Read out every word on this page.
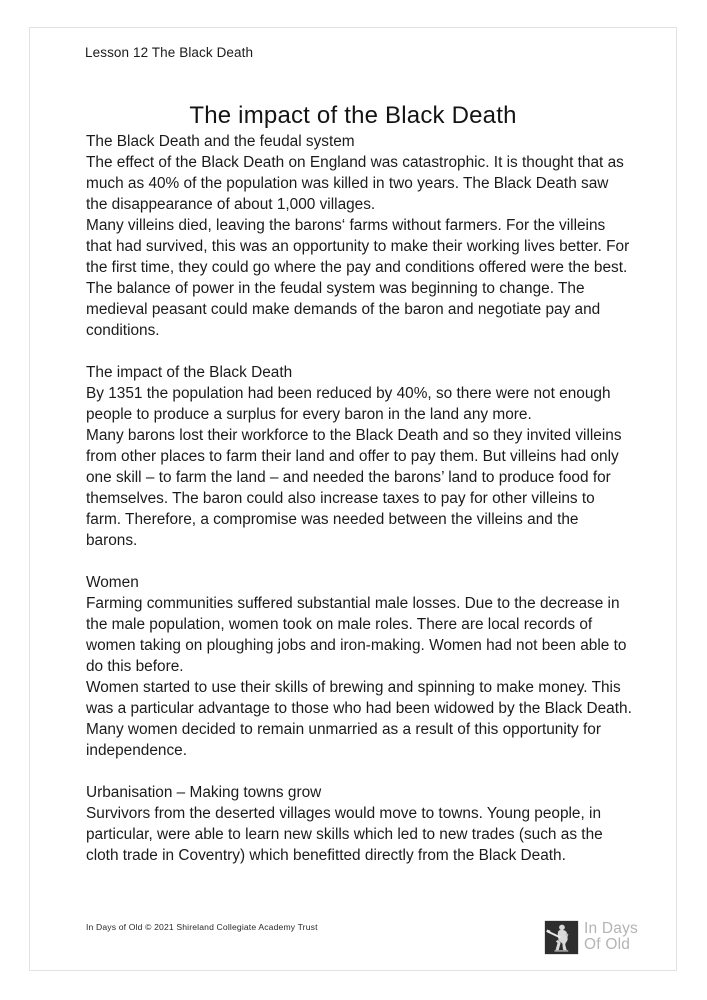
Lesson 12 The Black Death
The impact of the Black Death
The Black Death and the feudal system

The effect of the Black Death on England was catastrophic. It is thought that as much as 40% of the population was killed in two years. The Black Death saw the disappearance of about 1,000 villages.

Many villeins died, leaving the barons‘ farms without farmers. For the villeins that had survived, this was an opportunity to make their working lives better. For the first time, they could go where the pay and conditions offered were the best. The balance of power in the feudal system was beginning to change. The medieval peasant could make demands of the baron and negotiate pay and conditions.

The impact of the Black Death

By 1351 the population had been reduced by 40%, so there were not enough people to produce a surplus for every baron in the land any more.

Many barons lost their workforce to the Black Death and so they invited villeins from other places to farm their land and offer to pay them. But villeins had only one skill – to farm the land – and needed the barons’ land to produce food for themselves. The baron could also increase taxes to pay for other villeins to farm. Therefore, a compromise was needed between the villeins and the barons.

Women

Farming communities suffered substantial male losses. Due to the decrease in the male population, women took on male roles. There are local records of women taking on ploughing jobs and iron-making. Women had not been able to do this before.

Women started to use their skills of brewing and spinning to make money. This was a particular advantage to those who had been widowed by the Black Death.

Many women decided to remain unmarried as a result of this opportunity for independence.

Urbanisation – Making towns grow

Survivors from the deserted villages would move to towns. Young people, in particular, were able to learn new skills which led to new trades (such as the cloth trade in Coventry) which benefitted directly from the Black Death.

In Days of Old © 2021 Shireland Collegiate Academy Trust	In Days
Of Old
